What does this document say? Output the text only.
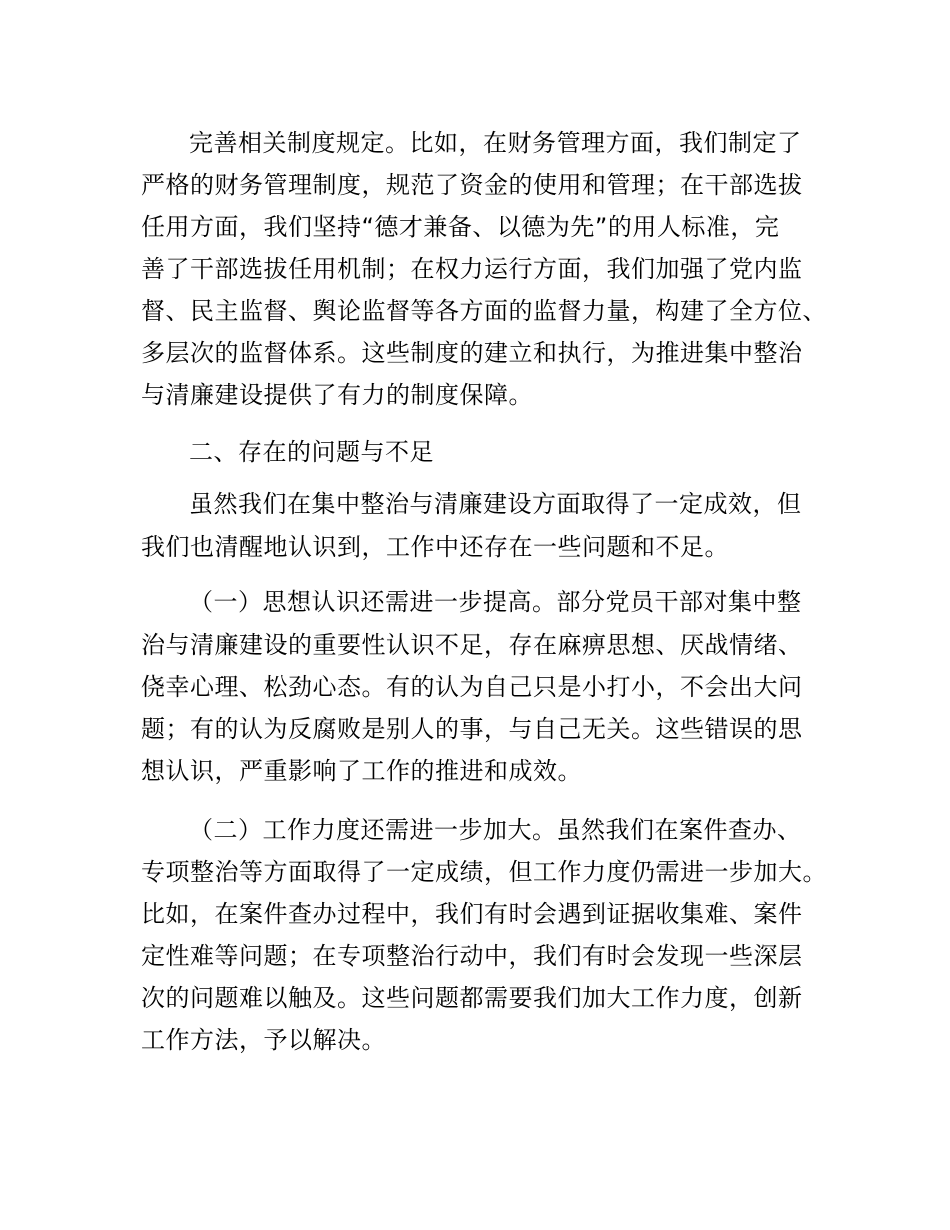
完善相关制度规定。比如，在财务管理方面，我们制定了
严格的财务管理制度，规范了资金的使用和管理；在干部选拔
任用方面，我们坚持“德才兼备、以德为先”的用人标准，完
善了干部选拔任用机制；在权力运行方面，我们加强了党内监
督、民主监督、舆论监督等各方面的监督力量，构建了全方位、
多层次的监督体系。这些制度的建立和执行，为推进集中整治
与清廉建设提供了有力的制度保障。
二、存在的问题与不足
虽然我们在集中整治与清廉建设方面取得了一定成效，但
我们也清醒地认识到，工作中还存在一些问题和不足。
（一）思想认识还需进一步提高。部分党员干部对集中整
治与清廉建设的重要性认识不足，存在麻痹思想、厌战情绪、
侥幸心理、松劲心态。有的认为自己只是小打小，不会出大问
题；有的认为反腐败是别人的事，与自己无关。这些错误的思
想认识，严重影响了工作的推进和成效。
（二）工作力度还需进一步加大。虽然我们在案件查办、
专项整治等方面取得了一定成绩，但工作力度仍需进一步加大。
比如，在案件查办过程中，我们有时会遇到证据收集难、案件
定性难等问题；在专项整治行动中，我们有时会发现一些深层
次的问题难以触及。这些问题都需要我们加大工作力度，创新
工作方法，予以解决。
